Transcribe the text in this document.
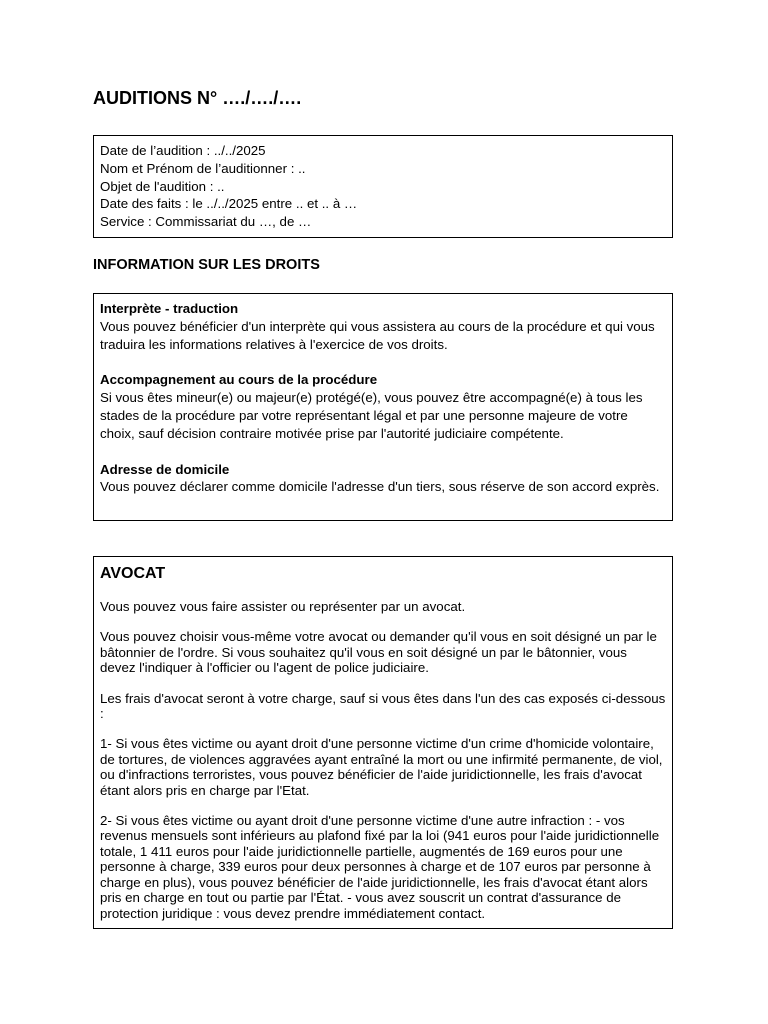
AUDITIONS N° …./…./….

Date de l’audition : ../../2025

Nom et Prénom de l’auditionner : ..

Objet de l'audition : ..

Date des faits : le ../../2025 entre .. et .. à …

Service : Commissariat du …, de …

INFORMATION SUR LES DROITS

Interprète - traduction

Vous pouvez bénéficier d'un interprète qui vous assistera au cours de la procédure et qui vous traduira les informations relatives à l'exercice de vos droits.

Accompagnement au cours de la procédure

Si vous êtes mineur(e) ou majeur(e) protégé(e), vous pouvez être accompagné(e) à tous les stades de la procédure par votre représentant légal et par une personne majeure de votre choix, sauf décision contraire motivée prise par l'autorité judiciaire compétente.

Adresse de domicile

Vous pouvez déclarer comme domicile l'adresse d'un tiers, sous réserve de son accord exprès.

AVOCAT

Vous pouvez vous faire assister ou représenter par un avocat.

Vous pouvez choisir vous-même votre avocat ou demander qu'il vous en soit désigné un par le bâtonnier de l'ordre. Si vous souhaitez qu'il vous en soit désigné un par le bâtonnier, vous devez l'indiquer à l'officier ou l'agent de police judiciaire.

Les frais d'avocat seront à votre charge, sauf si vous êtes dans l'un des cas exposés ci-dessous :

1- Si vous êtes victime ou ayant droit d'une personne victime d'un crime d'homicide volontaire, de tortures, de violences aggravées ayant entraîné la mort ou une infirmité permanente, de viol, ou d'infractions terroristes, vous pouvez bénéficier de l'aide juridictionnelle, les frais d'avocat étant alors pris en charge par l'Etat.

2- Si vous êtes victime ou ayant droit d'une personne victime d'une autre infraction : - vos revenus mensuels sont inférieurs au plafond fixé par la loi (941 euros pour l'aide juridictionnelle totale, 1 411 euros pour l'aide juridictionnelle partielle, augmentés de 169 euros pour une personne à charge, 339 euros pour deux personnes à charge et de 107 euros par personne à charge en plus), vous pouvez bénéficier de l'aide juridictionnelle, les frais d'avocat étant alors pris en charge en tout ou partie par l'État. - vous avez souscrit un contrat d'assurance de protection juridique : vous devez prendre immédiatement contact.
